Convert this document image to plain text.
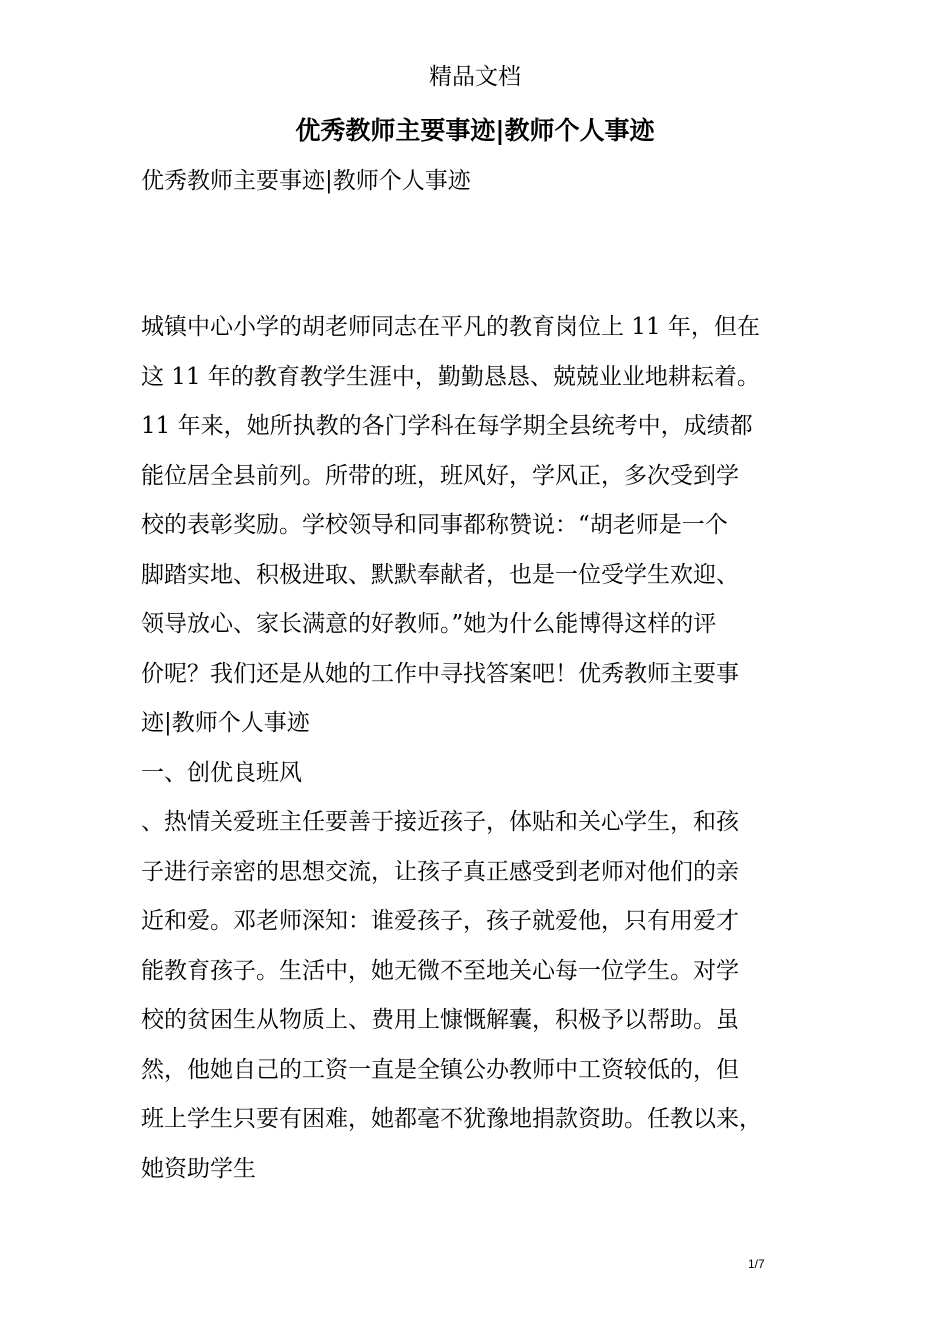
精品文档
优秀教师主要事迹|教师个人事迹
优秀教师主要事迹|教师个人事迹
城镇中心小学的胡老师同志在平凡的教育岗位上 11 年，但在
这 11 年的教育教学生涯中，勤勤恳恳、兢兢业业地耕耘着。
11 年来，她所执教的各门学科在每学期全县统考中，成绩都
能位居全县前列。所带的班，班风好，学风正，多次受到学
校的表彰奖励。学校领导和同事都称赞说：“胡老师是一个
脚踏实地、积极进取、默默奉献者，也是一位受学生欢迎、
领导放心、家长满意的好教师。”她为什么能博得这样的评
价呢？我们还是从她的工作中寻找答案吧！优秀教师主要事
迹|教师个人事迹
一、创优良班风
、热情关爱班主任要善于接近孩子，体贴和关心学生，和孩
子进行亲密的思想交流，让孩子真正感受到老师对他们的亲
近和爱。邓老师深知：谁爱孩子，孩子就爱他，只有用爱才
能教育孩子。生活中，她无微不至地关心每一位学生。对学
校的贫困生从物质上、费用上慷慨解囊，积极予以帮助。虽
然，他她自己的工资一直是全镇公办教师中工资较低的，但
班上学生只要有困难，她都毫不犹豫地捐款资助。任教以来，
她资助学生
1/7
